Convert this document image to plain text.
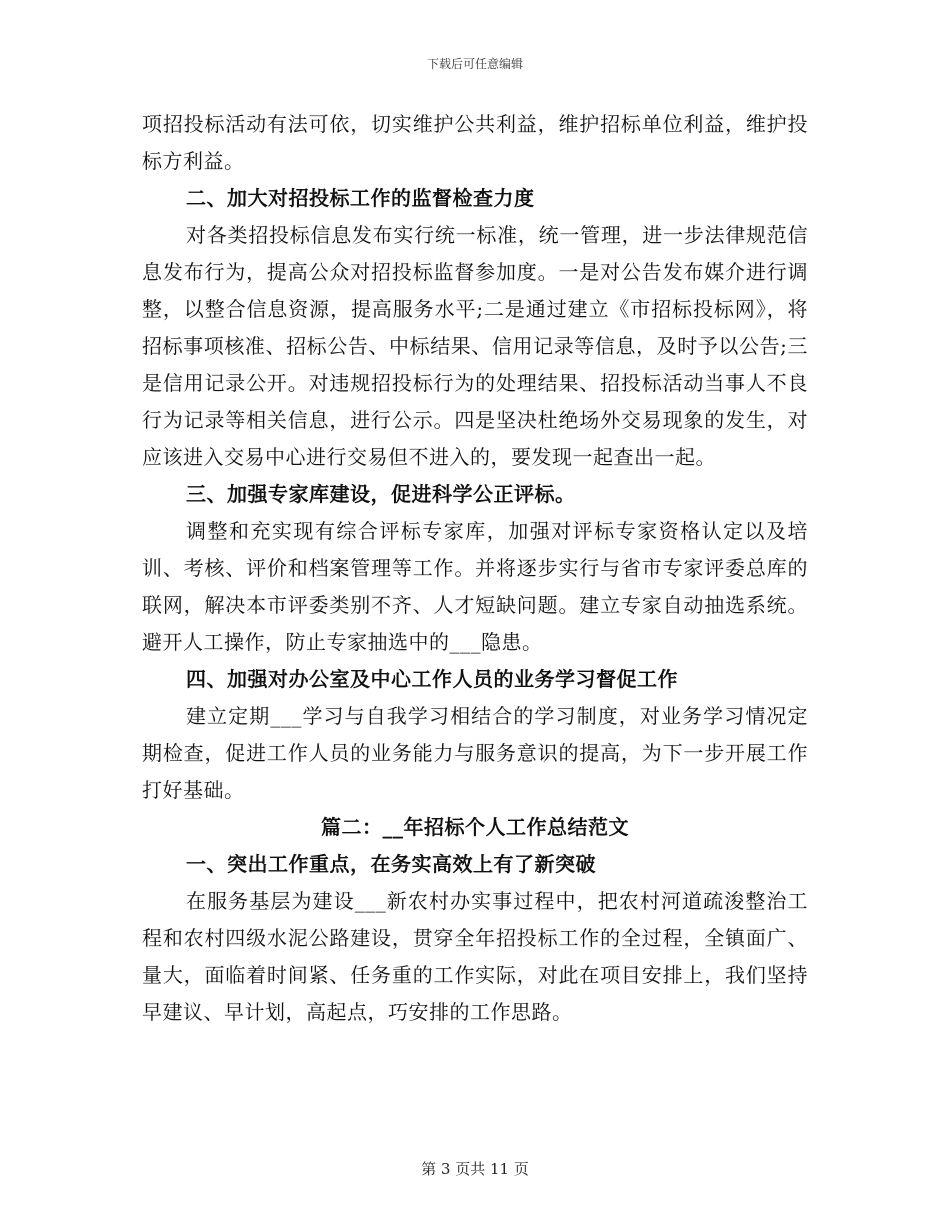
下载后可任意编辑

项招投标活动有法可依，切实维护公共利益，维护招标单位利益，维护投标方利益。

二、加大对招投标工作的监督检查力度

对各类招投标信息发布实行统一标准，统一管理，进一步法律规范信息发布行为，提高公众对招投标监督参加度。一是对公告发布媒介进行调整，以整合信息资源，提高服务水平;二是通过建立《市招标投标网》，将招标事项核准、招标公告、中标结果、信用记录等信息，及时予以公告;三是信用记录公开。对违规招投标行为的处理结果、招投标活动当事人不良行为记录等相关信息，进行公示。四是坚决杜绝场外交易现象的发生，对应该进入交易中心进行交易但不进入的，要发现一起查出一起。

三、加强专家库建设，促进科学公正评标。

调整和充实现有综合评标专家库，加强对评标专家资格认定以及培训、考核、评价和档案管理等工作。并将逐步实行与省市专家评委总库的联网，解决本市评委类别不齐、人才短缺问题。建立专家自动抽选系统。避开人工操作，防止专家抽选中的___隐患。

四、加强对办公室及中心工作人员的业务学习督促工作

建立定期___学习与自我学习相结合的学习制度，对业务学习情况定期检查，促进工作人员的业务能力与服务意识的提高，为下一步开展工作打好基础。

篇二：__年招标个人工作总结范文

一、突出工作重点，在务实高效上有了新突破

在服务基层为建设___新农村办实事过程中，把农村河道疏浚整治工程和农村四级水泥公路建设，贯穿全年招投标工作的全过程，全镇面广、量大，面临着时间紧、任务重的工作实际，对此在项目安排上，我们坚持早建议、早计划，高起点，巧安排的工作思路。

第 3 页共 11 页
